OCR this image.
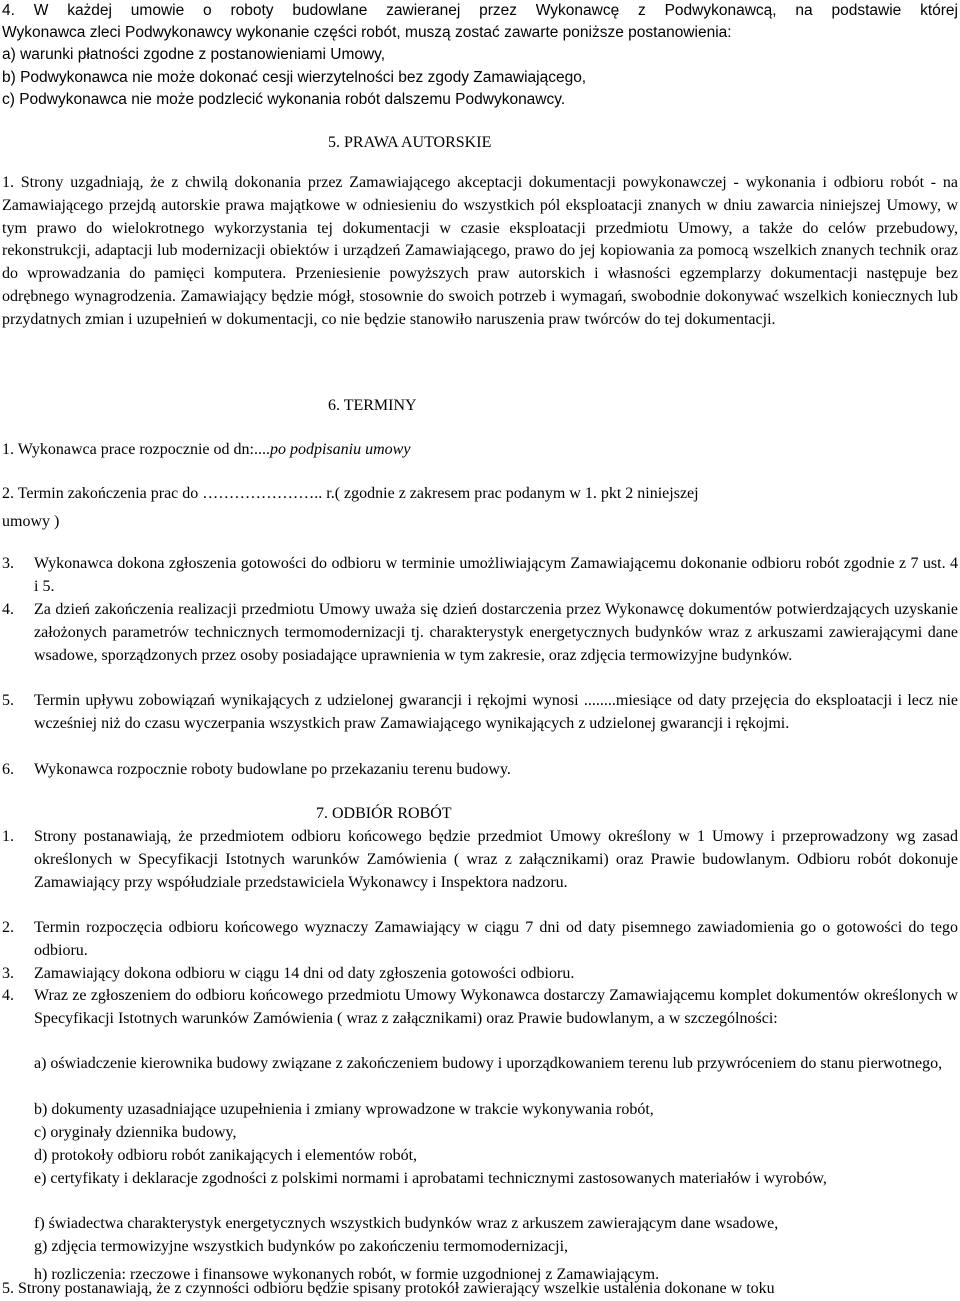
4. W każdej umowie o roboty budowlane zawieranej przez Wykonawcę z Podwykonawcą, na podstawie której
Wykonawca zleci Podwykonawcy wykonanie części robót, muszą zostać zawarte poniższe postanowienia:
a) warunki płatności zgodne z postanowieniami Umowy,
b) Podwykonawca nie może dokonać cesji wierzytelności bez zgody Zamawiającego,
c) Podwykonawca nie może podzlecić wykonania robót dalszemu Podwykonawcy.
5. PRAWA AUTORSKIE

1. Strony uzgadniają, że z chwilą dokonania przez Zamawiającego akceptacji dokumentacji powykonawczej - wykonania i odbioru robót - na Zamawiającego przejdą autorskie prawa majątkowe w odniesieniu do wszystkich pól eksploatacji znanych w dniu zawarcia niniejszej Umowy, w tym prawo do wielokrotnego wykorzystania tej dokumentacji w czasie eksploatacji przedmiotu Umowy, a także do celów przebudowy, rekonstrukcji, adaptacji lub modernizacji obiektów i urządzeń Zamawiającego, prawo do jej kopiowania za pomocą wszelkich znanych technik oraz do wprowadzania do pamięci komputera. Przeniesienie powyższych praw autorskich i własności egzemplarzy dokumentacji następuje bez odrębnego wynagrodzenia. Zamawiający będzie mógł, stosownie do swoich potrzeb i wymagań, swobodnie dokonywać wszelkich koniecznych lub przydatnych zmian i uzupełnień w dokumentacji, co nie będzie stanowiło naruszenia praw twórców do tej dokumentacji.

6. TERMINY
1. Wykonawca prace rozpocznie od dn:....po podpisaniu umowy
2. Termin zakończenia prac do ………………….. r.( zgodnie z zakresem prac podanym w 1. pkt 2 niniejszej
umowy )
3. Wykonawca dokona zgłoszenia gotowości do odbioru w terminie umożliwiającym Zamawiającemu dokonanie odbioru robót zgodnie z 7 ust. 4 i 5.
4. Za dzień zakończenia realizacji przedmiotu Umowy uważa się dzień dostarczenia przez Wykonawcę dokumentów potwierdzających uzyskanie założonych parametrów technicznych termomodernizacji tj. charakterystyk energetycznych budynków wraz z arkuszami zawierającymi dane wsadowe, sporządzonych przez osoby posiadające uprawnienia w tym zakresie, oraz zdjęcia termowizyjne budynków.
5. Termin upływu zobowiązań wynikających z udzielonej gwarancji i rękojmi wynosi ........miesiące od daty przejęcia do eksploatacji i lecz nie wcześniej niż do czasu wyczerpania wszystkich praw Zamawiającego wynikających z udzielonej gwarancji i rękojmi.
6. Wykonawca rozpocznie roboty budowlane po przekazaniu terenu budowy.
7. ODBIÓR ROBÓT
1. Strony postanawiają, że przedmiotem odbioru końcowego będzie przedmiot Umowy określony w 1 Umowy i przeprowadzony wg zasad określonych w Specyfikacji Istotnych warunków Zamówienia ( wraz z załącznikami) oraz Prawie budowlanym. Odbioru robót dokonuje Zamawiający przy współudziale przedstawiciela Wykonawcy i Inspektora nadzoru.
2. Termin rozpoczęcia odbioru końcowego wyznaczy Zamawiający w ciągu 7 dni od daty pisemnego zawiadomienia go o gotowości do tego odbioru.
3. Zamawiający dokona odbioru w ciągu 14 dni od daty zgłoszenia gotowości odbioru.
4. Wraz ze zgłoszeniem do odbioru końcowego przedmiotu Umowy Wykonawca dostarczy Zamawiającemu komplet dokumentów określonych w Specyfikacji Istotnych warunków Zamówienia ( wraz z załącznikami) oraz Prawie budowlanym, a w szczególności:
a) oświadczenie kierownika budowy związane z zakończeniem budowy i uporządkowaniem terenu lub przywróceniem do stanu pierwotnego,
b) dokumenty uzasadniające uzupełnienia i zmiany wprowadzone w trakcie wykonywania robót,
c) oryginały dziennika budowy,
d) protokoły odbioru robót zanikających i elementów robót,
e) certyfikaty i deklaracje zgodności z polskimi normami i aprobatami technicznymi zastosowanych materiałów i wyrobów,
f) świadectwa charakterystyk energetycznych wszystkich budynków wraz z arkuszem zawierającym dane wsadowe,
g) zdjęcia termowizyjne wszystkich budynków po zakończeniu termomodernizacji,
h) rozliczenia: rzeczowe i finansowe wykonanych robót, w formie uzgodnionej z Zamawiającym.
5. Strony postanawiają, że z czynności odbioru będzie spisany protokół zawierający wszelkie ustalenia dokonane w toku
